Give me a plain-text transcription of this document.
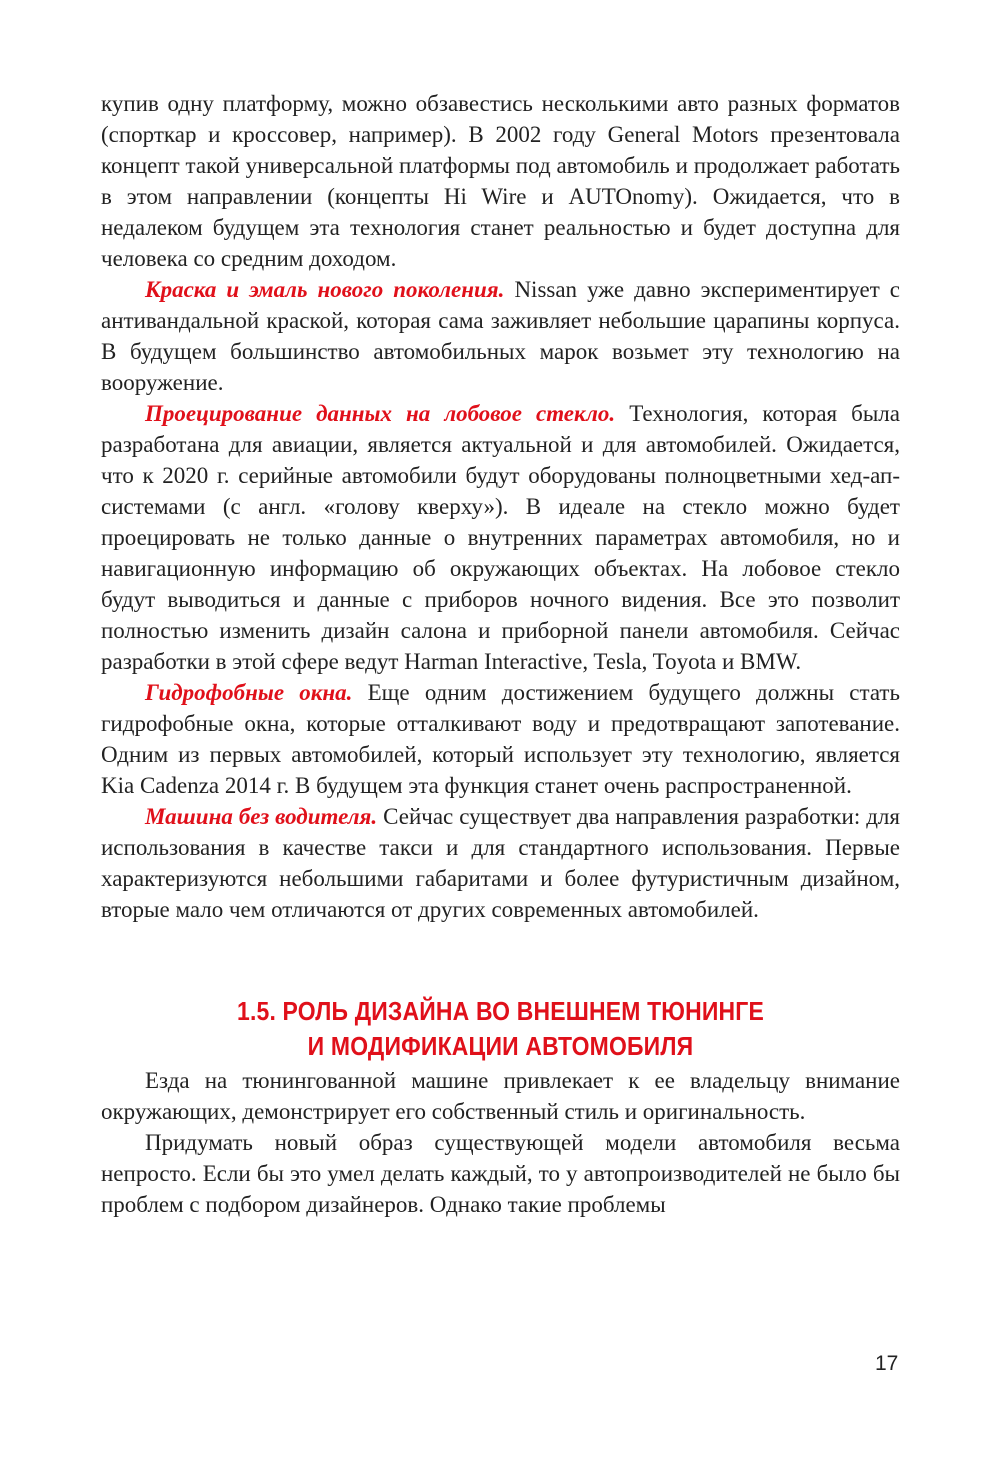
купив одну платформу, можно обзавестись несколькими авто разных форматов (спорткар и кроссовер, например). В 2002 году General Motors презентовала концепт такой универсальной платформы под автомобиль и продолжает работать в этом направлении (концепты Hi Wire и AUTOnomy). Ожидается, что в недалеком будущем эта технология станет реальностью и будет доступна для человека со средним доходом.

Краска и эмаль нового поколения. Nissan уже давно экспериментирует с антивандальной краской, которая сама заживляет небольшие царапины корпуса. В будущем большинство автомобильных марок возьмет эту технологию на вооружение.

Проецирование данных на лобовое стекло. Технология, которая была разработана для авиации, является актуальной и для автомобилей. Ожидается, что к 2020 г. серийные автомобили будут оборудованы полноцветными хед-ап-системами (с англ. «голову кверху»). В идеале на стекло можно будет проецировать не только данные о внутренних параметрах автомобиля, но и навигационную информацию об окружающих объектах. На лобовое стекло будут выводиться и данные с приборов ночного видения. Все это позволит полностью изменить дизайн салона и приборной панели автомобиля. Сейчас разработки в этой сфере ведут Harman Interactive, Tesla, Toyota и BMW.

Гидрофобные окна. Еще одним достижением будущего должны стать гидрофобные окна, которые отталкивают воду и предотвращают запотевание. Одним из первых автомобилей, который использует эту технологию, является Kia Cadenza 2014 г. В будущем эта функция станет очень распространенной.

Машина без водителя. Сейчас существует два направления разработки: для использования в качестве такси и для стандартного использования. Первые характеризуются небольшими габаритами и более футуристичным дизайном, вторые мало чем отличаются от других современных автомобилей.

1.5. РОЛЬ ДИЗАЙНА ВО ВНЕШНЕМ ТЮНИНГЕ
И МОДИФИКАЦИИ АВТОМОБИЛЯ

Езда на тюнингованной машине привлекает к ее владельцу внимание окружающих, демонстрирует его собственный стиль и оригинальность.

Придумать новый образ существующей модели автомобиля весьма непросто. Если бы это умел делать каждый, то у автопроизводителей не было бы проблем с подбором дизайнеров. Однако такие проблемы

17
